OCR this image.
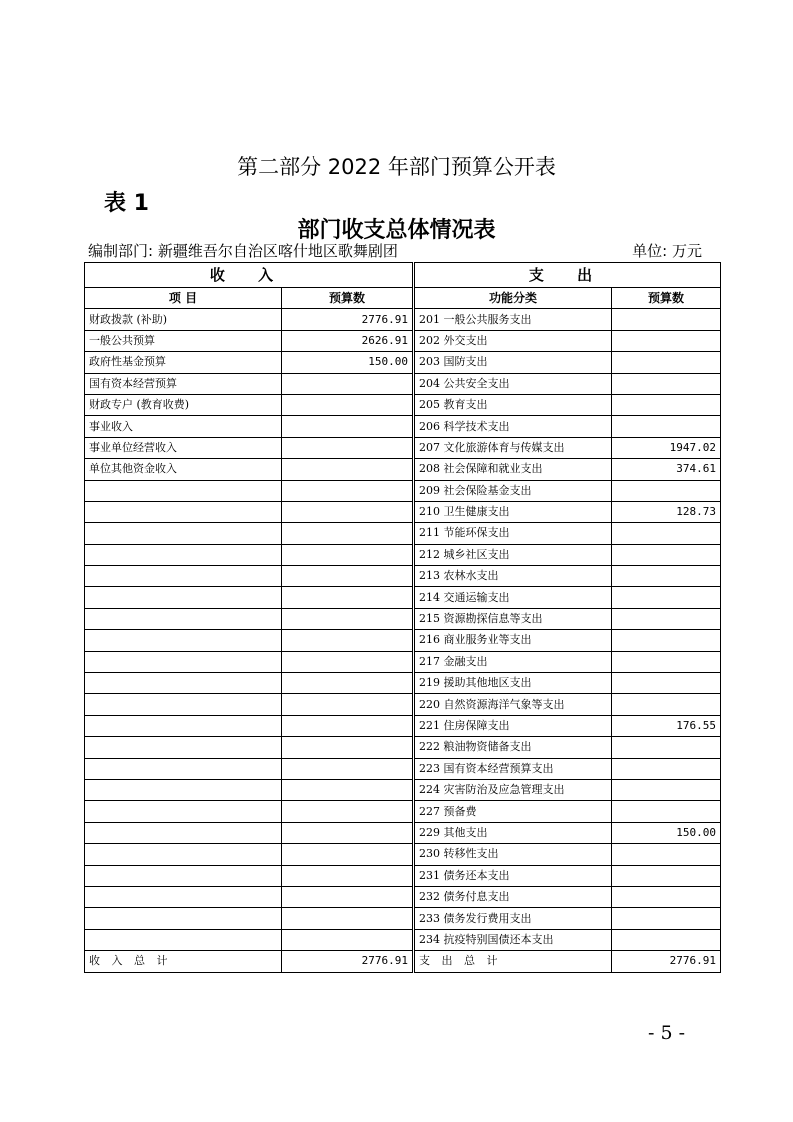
第二部分 2022 年部门预算公开表
表 1
部门收支总体情况表
编制部门: 新疆维吾尔自治区喀什地区歌舞剧团	单位: 万元
收 入		支 出	
项 目	预算数	功能分类	预算数
财政拨款 (补助)	2776.91	201 一般公共服务支出	
一般公共预算	2626.91	202 外交支出	
政府性基金预算	150.00	203 国防支出	
国有资本经营预算		204 公共安全支出	
财政专户 (教育收费)		205 教育支出	
事业收入		206 科学技术支出	
事业单位经营收入		207 文化旅游体育与传媒支出	1947.02
单位其他资金收入		208 社会保障和就业支出	374.61
		209 社会保险基金支出	
		210 卫生健康支出	128.73
		211 节能环保支出	
		212 城乡社区支出	
		213 农林水支出	
		214 交通运输支出	
		215 资源勘探信息等支出	
		216 商业服务业等支出	
		217 金融支出	
		219 援助其他地区支出	
		220 自然资源海洋气象等支出	
		221 住房保障支出	176.55
		222 粮油物资储备支出	
		223 国有资本经营预算支出	
		224 灾害防治及应急管理支出	
		227 预备费	
		229 其他支出	150.00
		230 转移性支出	
		231 债务还本支出	
		232 债务付息支出	
		233 债务发行费用支出	
		234 抗疫特别国债还本支出	
收 入 总 计	2776.91	支 出 总 计	2776.91
- 5 -
